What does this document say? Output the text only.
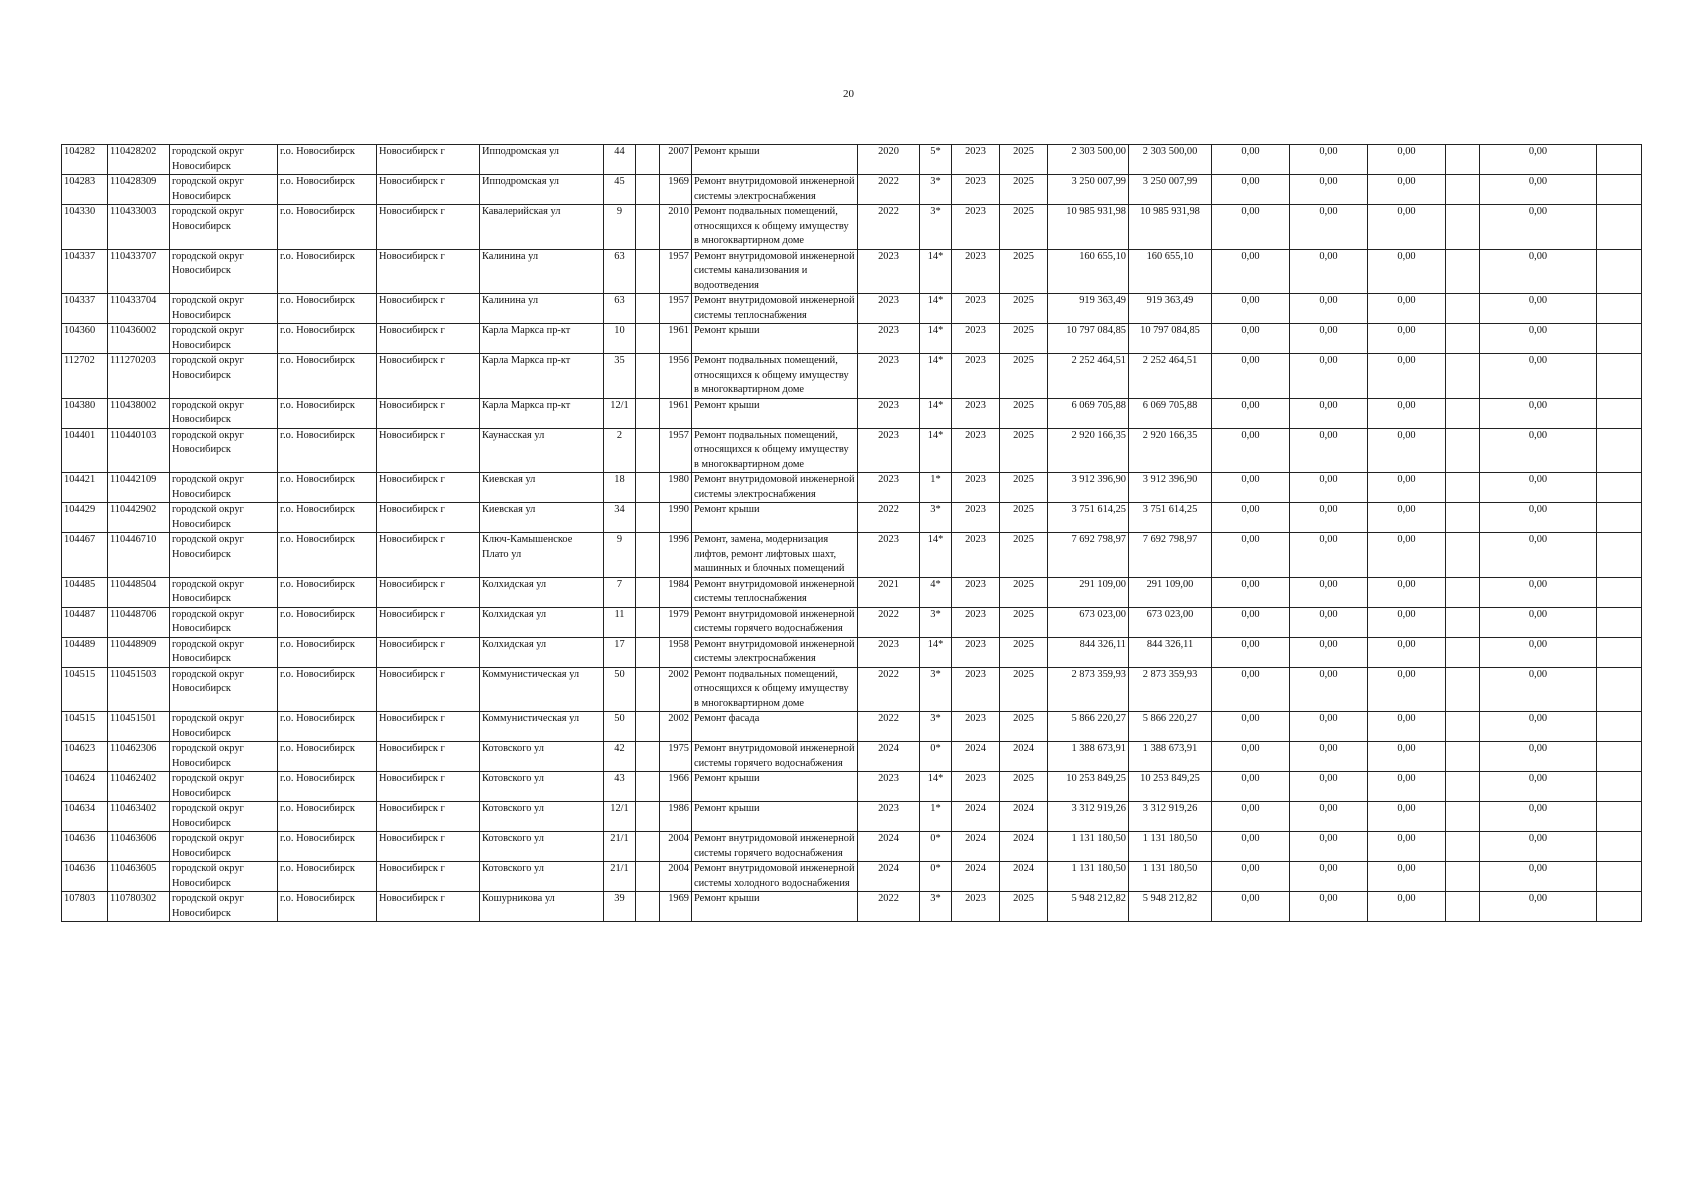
20
104282	110428202	городской округ Новосибирск	г.о. Новосибирск	Новосибирск г	Ипподромская ул	44		2007	Ремонт крыши	2020	5*	2023	2025	2 303 500,00	2 303 500,00	0,00	0,00	0,00		0,00	
104283	110428309	городской округ Новосибирск	г.о. Новосибирск	Новосибирск г	Ипподромская ул	45		1969	Ремонт внутридомовой инженерной системы электроснабжения	2022	3*	2023	2025	3 250 007,99	3 250 007,99	0,00	0,00	0,00		0,00	
104330	110433003	городской округ Новосибирск	г.о. Новосибирск	Новосибирск г	Кавалерийская ул	9		2010	Ремонт подвальных помещений, относящихся к общему имуществу в многоквартирном доме	2022	3*	2023	2025	10 985 931,98	10 985 931,98	0,00	0,00	0,00		0,00	
104337	110433707	городской округ Новосибирск	г.о. Новосибирск	Новосибирск г	Калинина ул	63		1957	Ремонт внутридомовой инженерной системы канализования и водоотведения	2023	14*	2023	2025	160 655,10	160 655,10	0,00	0,00	0,00		0,00	
104337	110433704	городской округ Новосибирск	г.о. Новосибирск	Новосибирск г	Калинина ул	63		1957	Ремонт внутридомовой инженерной системы теплоснабжения	2023	14*	2023	2025	919 363,49	919 363,49	0,00	0,00	0,00		0,00	
104360	110436002	городской округ Новосибирск	г.о. Новосибирск	Новосибирск г	Карла Маркса пр-кт	10		1961	Ремонт крыши	2023	14*	2023	2025	10 797 084,85	10 797 084,85	0,00	0,00	0,00		0,00	
112702	111270203	городской округ Новосибирск	г.о. Новосибирск	Новосибирск г	Карла Маркса пр-кт	35		1956	Ремонт подвальных помещений, относящихся к общему имуществу в многоквартирном доме	2023	14*	2023	2025	2 252 464,51	2 252 464,51	0,00	0,00	0,00		0,00	
104380	110438002	городской округ Новосибирск	г.о. Новосибирск	Новосибирск г	Карла Маркса пр-кт	12/1		1961	Ремонт крыши	2023	14*	2023	2025	6 069 705,88	6 069 705,88	0,00	0,00	0,00		0,00	
104401	110440103	городской округ Новосибирск	г.о. Новосибирск	Новосибирск г	Каунасская ул	2		1957	Ремонт подвальных помещений, относящихся к общему имуществу в многоквартирном доме	2023	14*	2023	2025	2 920 166,35	2 920 166,35	0,00	0,00	0,00		0,00	
104421	110442109	городской округ Новосибирск	г.о. Новосибирск	Новосибирск г	Киевская ул	18		1980	Ремонт внутридомовой инженерной системы электроснабжения	2023	1*	2023	2025	3 912 396,90	3 912 396,90	0,00	0,00	0,00		0,00	
104429	110442902	городской округ Новосибирск	г.о. Новосибирск	Новосибирск г	Киевская ул	34		1990	Ремонт крыши	2022	3*	2023	2025	3 751 614,25	3 751 614,25	0,00	0,00	0,00		0,00	
104467	110446710	городской округ Новосибирск	г.о. Новосибирск	Новосибирск г	Ключ-Камышенское Плато ул	9		1996	Ремонт, замена, модернизация лифтов, ремонт лифтовых шахт, машинных и блочных помещений	2023	14*	2023	2025	7 692 798,97	7 692 798,97	0,00	0,00	0,00		0,00	
104485	110448504	городской округ Новосибирск	г.о. Новосибирск	Новосибирск г	Колхидская ул	7		1984	Ремонт внутридомовой инженерной системы теплоснабжения	2021	4*	2023	2025	291 109,00	291 109,00	0,00	0,00	0,00		0,00	
104487	110448706	городской округ Новосибирск	г.о. Новосибирск	Новосибирск г	Колхидская ул	11		1979	Ремонт внутридомовой инженерной системы горячего водоснабжения	2022	3*	2023	2025	673 023,00	673 023,00	0,00	0,00	0,00		0,00	
104489	110448909	городской округ Новосибирск	г.о. Новосибирск	Новосибирск г	Колхидская ул	17		1958	Ремонт внутридомовой инженерной системы электроснабжения	2023	14*	2023	2025	844 326,11	844 326,11	0,00	0,00	0,00		0,00	
104515	110451503	городской округ Новосибирск	г.о. Новосибирск	Новосибирск г	Коммунистическая ул	50		2002	Ремонт подвальных помещений, относящихся к общему имуществу в многоквартирном доме	2022	3*	2023	2025	2 873 359,93	2 873 359,93	0,00	0,00	0,00		0,00	
104515	110451501	городской округ Новосибирск	г.о. Новосибирск	Новосибирск г	Коммунистическая ул	50		2002	Ремонт фасада	2022	3*	2023	2025	5 866 220,27	5 866 220,27	0,00	0,00	0,00		0,00	
104623	110462306	городской округ Новосибирск	г.о. Новосибирск	Новосибирск г	Котовского ул	42		1975	Ремонт внутридомовой инженерной системы горячего водоснабжения	2024	0*	2024	2024	1 388 673,91	1 388 673,91	0,00	0,00	0,00		0,00	
104624	110462402	городской округ Новосибирск	г.о. Новосибирск	Новосибирск г	Котовского ул	43		1966	Ремонт крыши	2023	14*	2023	2025	10 253 849,25	10 253 849,25	0,00	0,00	0,00		0,00	
104634	110463402	городской округ Новосибирск	г.о. Новосибирск	Новосибирск г	Котовского ул	12/1		1986	Ремонт крыши	2023	1*	2024	2024	3 312 919,26	3 312 919,26	0,00	0,00	0,00		0,00	
104636	110463606	городской округ Новосибирск	г.о. Новосибирск	Новосибирск г	Котовского ул	21/1		2004	Ремонт внутридомовой инженерной системы горячего водоснабжения	2024	0*	2024	2024	1 131 180,50	1 131 180,50	0,00	0,00	0,00		0,00	
104636	110463605	городской округ Новосибирск	г.о. Новосибирск	Новосибирск г	Котовского ул	21/1		2004	Ремонт внутридомовой инженерной системы холодного водоснабжения	2024	0*	2024	2024	1 131 180,50	1 131 180,50	0,00	0,00	0,00		0,00	
107803	110780302	городской округ Новосибирск	г.о. Новосибирск	Новосибирск г	Кошурникова ул	39		1969	Ремонт крыши	2022	3*	2023	2025	5 948 212,82	5 948 212,82	0,00	0,00	0,00		0,00	
